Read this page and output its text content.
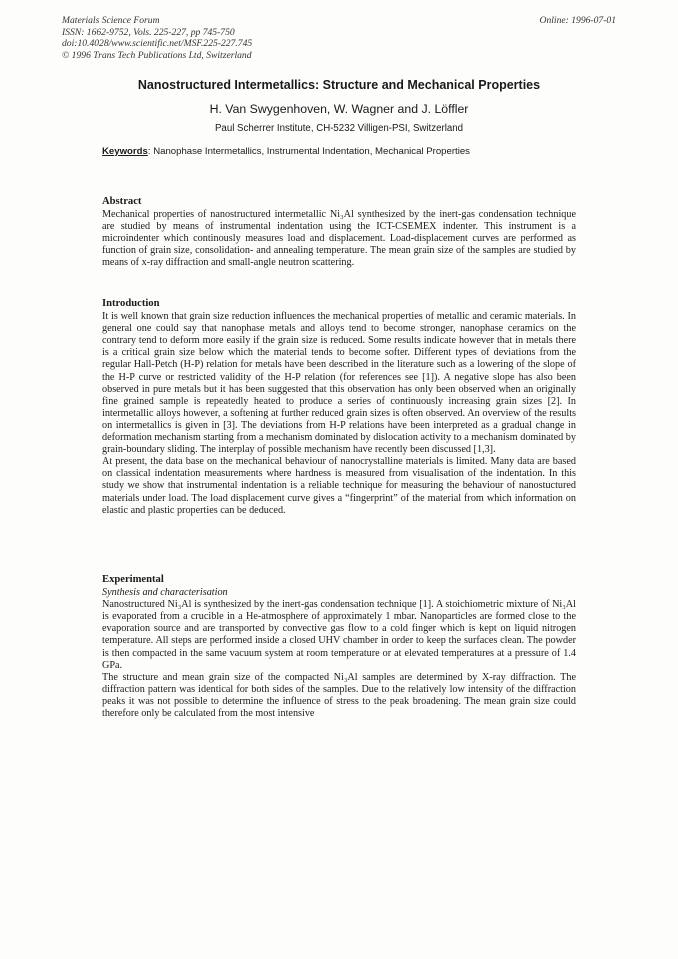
Materials Science Forum
ISSN: 1662-9752, Vols. 225-227, pp 745-750
doi:10.4028/www.scientific.net/MSF.225-227.745
© 1996 Trans Tech Publications Ltd, Switzerland
Online: 1996-07-01
Nanostructured Intermetallics: Structure and Mechanical Properties
H. Van Swygenhoven, W. Wagner and J. Löffler
Paul Scherrer Institute, CH-5232 Villigen-PSI, Switzerland
Keywords: Nanophase Intermetallics, Instrumental Indentation, Mechanical Properties
Abstract

Mechanical properties of nanostructured intermetallic Ni₃Al synthesized by the inert-gas condensation technique are studied by means of instrumental indentation using the ICT-CSEMEX indenter. This instrument is a microindenter which continously measures load and displacement. Load-displacement curves are performed as function of grain size, consolidation- and annealing temperature. The mean grain size of the samples are studied by means of x-ray diffraction and small-angle neutron scattering.

Introduction

It is well known that grain size reduction influences the mechanical properties of metallic and ceramic materials. In general one could say that nanophase metals and alloys tend to become stronger, nanophase ceramics on the contrary tend to deform more easily if the grain size is reduced. Some results indicate however that in metals there is a critical grain size below which the material tends to become softer. Different types of deviations from the regular Hall-Petch (H-P) relation for metals have been described in the literature such as a lowering of the slope of the H-P curve or restricted validity of the H-P relation (for references see [1]). A negative slope has also been observed in pure metals but it has been suggested that this observation has only been observed when an originally fine grained sample is repeatedly heated to produce a series of continuously increasing grain sizes [2]. In intermetallic alloys however, a softening at further reduced grain sizes is often observed. An overview of the results on intermetallics is given in [3]. The deviations from H-P relations have been interpreted as a gradual change in deformation mechanism starting from a mechanism dominated by dislocation activity to a mechanism dominated by grain-boundary sliding. The interplay of possible mechanism have recently been discussed [1,3].

At present, the data base on the mechanical behaviour of nanocrystalline materials is limited. Many data are based on classical indentation measurements where hardness is measured from visualisation of the indentation. In this study we show that instrumental indentation is a reliable technique for measuring the behaviour of nanostuctured materials under load. The load displacement curve gives a “fingerprint” of the material from which information on elastic and plastic properties can be deduced.

Experimental
Synthesis and characterisation

Nanostructured Ni₃Al is synthesized by the inert-gas condensation technique [1]. A stoichiometric mixture of Ni₃Al is evaporated from a crucible in a He-atmosphere of approximately 1 mbar. Nanoparticles are formed close to the evaporation source and are transported by convective gas flow to a cold finger which is kept on liquid nitrogen temperature. All steps are performed inside a closed UHV chamber in order to keep the surfaces clean. The powder is then compacted in the same vacuum system at room temperature or at elevated temperatures at a pressure of 1.4 GPa.

The structure and mean grain size of the compacted Ni₃Al samples are determined by X-ray diffraction. The diffraction pattern was identical for both sides of the samples. Due to the relatively low intensity of the diffraction peaks it was not possible to determine the influence of stress to the peak broadening. The mean grain size could therefore only be calculated from the most intensive
